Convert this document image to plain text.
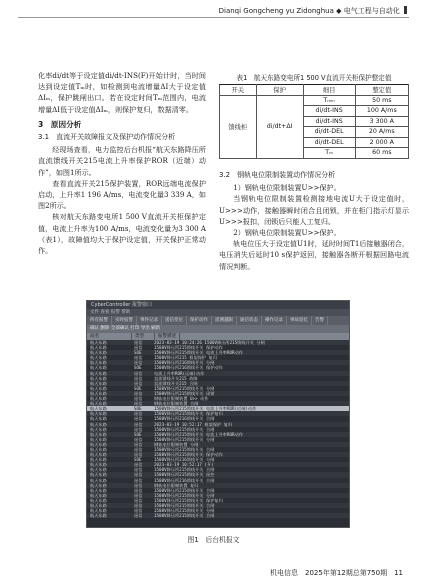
Dianqi Gongcheng yu Zidonghua ◆ 电气工程与自动化

化率di/dt等于设定值di/dt-INS(F)开始计时，当时间达到设定值Tₘ时，如检测到电流增量ΔI大于设定值ΔIₘ，保护跳闸出口。若在设定时间Tₘ范围内，电流增量ΔI低于设定值ΔIₘ，则保护复归，数据清零。

3　原因分析
3.1　直流开关故障报文及保护动作情况分析

经现场查看，电力监控后台机报“航天东路降压所直流馈线开关215电流上升率保护ROR（近端）动作”，如图1所示。

查看直流开关215保护装置，ROR远端电流保护启动，上升率1 196 A/ms，电流变化量3 339 A，如图2所示。

核对航天东路变电所1 500 V直流开关柜保护定值，电流上升率为100 A/ms，电流变化量为3 300 A（表1），故障值均大于保护设定值，开关保护正常动作。

表1　航天东路变电所1 500 V直流开关柜保护整定值
开关	保护	细目	整定值
馈线柜	di/dt+ΔI	Tₘᵢₙ	50 ms
		di/dt-INS	100 A/ms
		di/dt-INS	3 300 A
		di/dt-DEL	20 A/ms
		di/dt-DEL	2 000 A
		Tₘ	60 ms
3.2　钢轨电位限制装置动作情况分析

1）钢轨电位限制装置U>>保护。

当钢轨电位限制装置检测接地电流U大于设定值时，U>>>动作，接触器瞬时闭合且闭锁，并在柜门指示灯显示U>>>报扣，闭锁后只能人工复归。

2）钢轨电位限制装置U>>保护。

轨电位压大于设定值U1时，延时时间T1后接触器闭合，电压消失后延时10 s保护返回，接触器各断开根据回路电流情况判断。

CyberController 报警窗口
文件 查看 报警 帮助
所有报警	实时报警	事件记录	遥信变位	保护动作	遥测越限	通信状态	操作记录	事故追忆	告警
确认 删除 全部确认 打印 导出 刷新
站名	类型	报警描述
航天东路	遥信	2023-03-19 10:24:26 1500V降压所215馈线开关 分闸
航天东路	遥信	1500V降压所215馈线开关 保护动作
航天东路	SOE	1500V降压所215馈线开关 电流上升率ROR动作
航天东路	遥信	1500V降压所215 框架保护 复归
航天东路	遥信	1500V降压所216馈线开关 分闸
航天东路	SOE	1500V降压所216馈线开关 保护动作
航天东路	遥信	电流上升率ROR(远端)动作
航天东路	遥信	直流馈线开关215 故障
航天东路	遥信	直流馈线开关215 合闸
航天东路	SOE	1500V降压所215馈线开关 分闸
航天东路	遥信	1500V降压所215馈线开关 闭锁
航天东路	遥信	钢轨电位限制装置 U>> 动作
航天东路	遥信	钢轨电位限制装置 合闸
航天东路	SOE	1500V降压所215馈线开关 电流上升率ROR(近端)动作
航天东路	遥信	1500V降压所215馈线开关 保护复归
航天东路	遥信	1500V降压所216馈线开关 合闸
航天东路	遥信	2023-03-19 10:52:17 框架保护 复归
航天东路	遥信	1500V降压所215馈线开关 合闸
航天东路	SOE	1500V降压所215馈线开关 电流上升率ROR动作
航天东路	遥信	1500V降压所215馈线开关 分闸
航天东路	遥信	钢轨电位限制装置 分闸
航天东路	遥信	1500V降压所215馈线开关 合闸
航天东路	遥信	1500V降压所215馈线开关 保护动作
航天东路	SOE	1500V降压所216馈线开关 分闸
航天东路	遥信	2023-03-19 10:52:17 (开)
航天东路	遥信	1500V降压所215馈线开关 合闸
航天东路	遥信	1500V降压所215馈线开关 遥控
航天东路	遥信	1500V降压所216馈线开关 合闸
航天东路	遥信	钢轨电位限制装置 复归
航天东路	遥信	1500V降压所215馈线开关 合闸
航天东路	遥信	1500V降压所215馈线开关 分闸
航天东路	遥信	1500V降压所215馈线开关 保护复归
航天东路	遥信	1500V降压所215馈线开关 合闸
航天东路	遥信	1500V降压所215馈线开关 分闸
航天东路	遥信	1500V降压所215馈线开关 合闸
图1　后台机报文
机电信息　2025年第12期总第750期　11
